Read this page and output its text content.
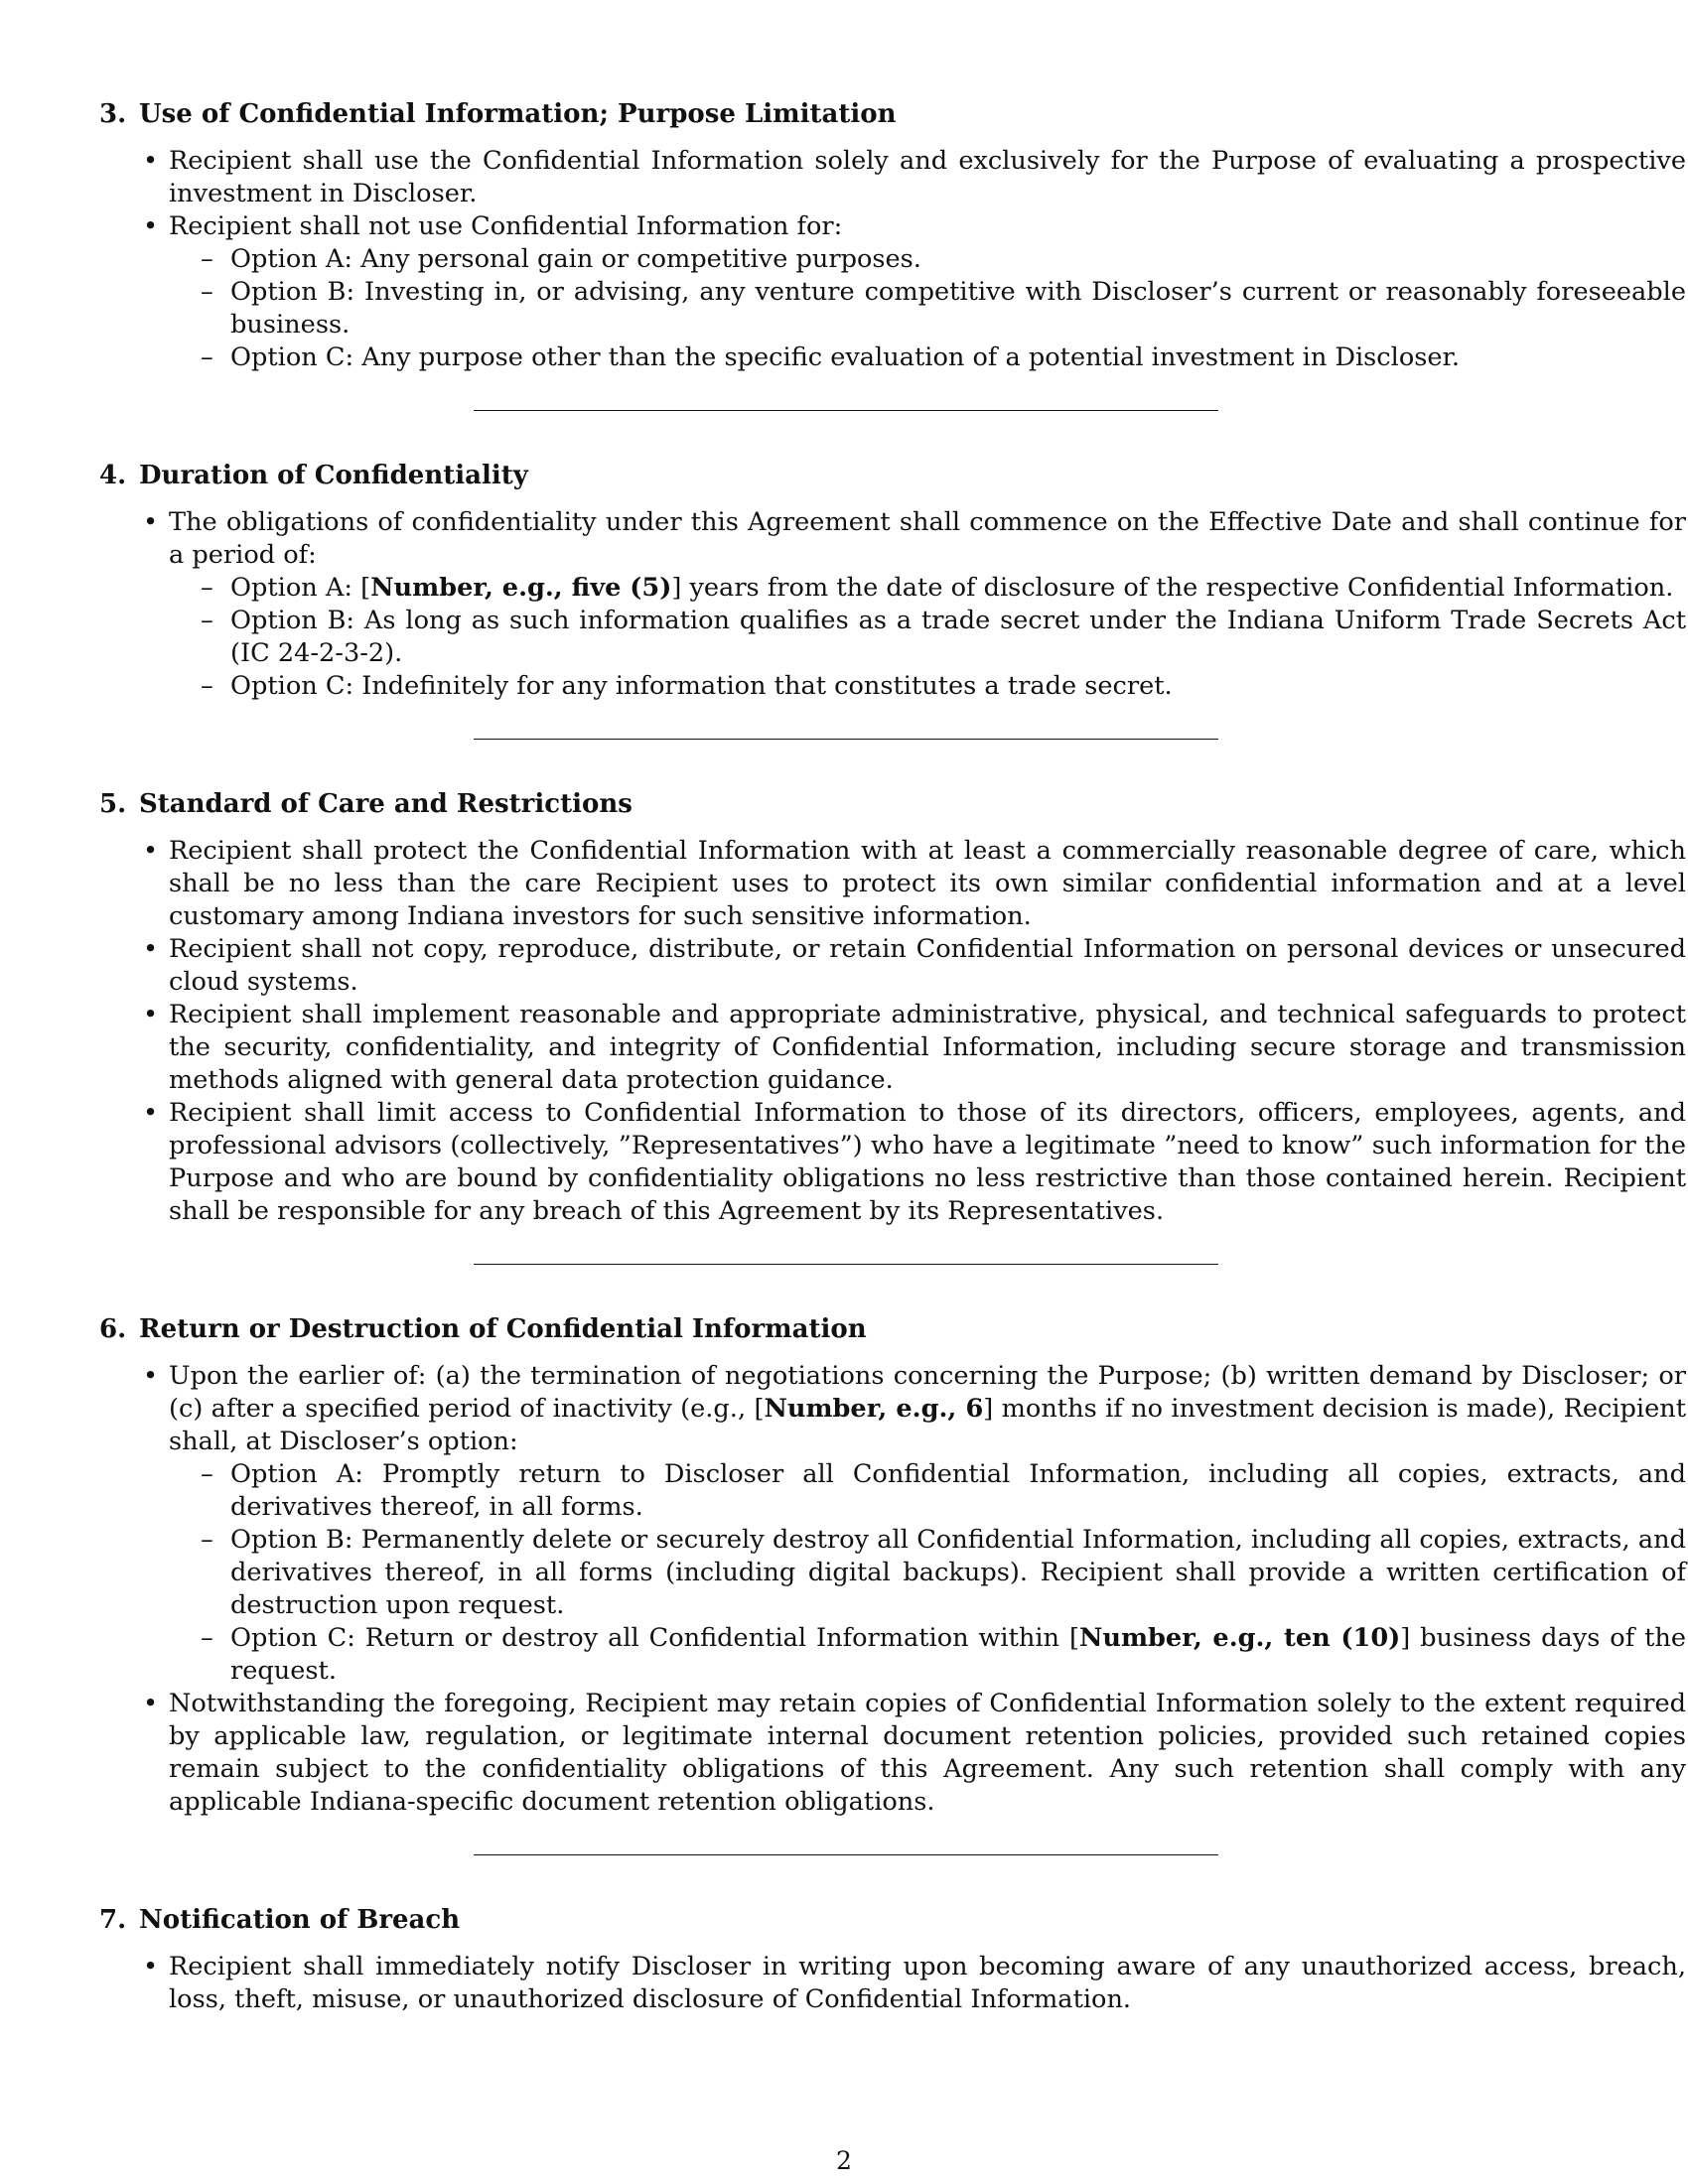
3. Use of Confidential Information; Purpose Limitation
• Recipient shall use the Confidential Information solely and exclusively for the Purpose of evaluating a prospective investment in Discloser.
• Recipient shall not use Confidential Information for:
– Option A: Any personal gain or competitive purposes.
– Option B: Investing in, or advising, any venture competitive with Discloser’s current or reasonably foreseeable business.
– Option C: Any purpose other than the specific evaluation of a potential investment in Discloser.
4. Duration of Confidentiality
• The obligations of confidentiality under this Agreement shall commence on the Effective Date and shall continue for a period of:
– Option A: [Number, e.g., five (5)] years from the date of disclosure of the respective Confidential Information.
– Option B: As long as such information qualifies as a trade secret under the Indiana Uniform Trade Secrets Act (IC 24-2-3-2).
– Option C: Indefinitely for any information that constitutes a trade secret.
5. Standard of Care and Restrictions
• Recipient shall protect the Confidential Information with at least a commercially reasonable degree of care, which shall be no less than the care Recipient uses to protect its own similar confidential information and at a level customary among Indiana investors for such sensitive information.
• Recipient shall not copy, reproduce, distribute, or retain Confidential Information on personal devices or unsecured cloud systems.
• Recipient shall implement reasonable and appropriate administrative, physical, and technical safeguards to protect the security, confidentiality, and integrity of Confidential Information, including secure storage and transmission methods aligned with general data protection guidance.
• Recipient shall limit access to Confidential Information to those of its directors, officers, employees, agents, and professional advisors (collectively, ”Representatives”) who have a legitimate ”need to know” such information for the Purpose and who are bound by confidentiality obligations no less restrictive than those contained herein. Recipient shall be responsible for any breach of this Agreement by its Representatives.
6. Return or Destruction of Confidential Information
• Upon the earlier of: (a) the termination of negotiations concerning the Purpose; (b) written demand by Discloser; or (c) after a specified period of inactivity (e.g., [Number, e.g., 6] months if no investment decision is made), Recipient shall, at Discloser’s option:
– Option A: Promptly return to Discloser all Confidential Information, including all copies, extracts, and derivatives thereof, in all forms.
– Option B: Permanently delete or securely destroy all Confidential Information, including all copies, extracts, and derivatives thereof, in all forms (including digital backups). Recipient shall provide a written certification of destruction upon request.
– Option C: Return or destroy all Confidential Information within [Number, e.g., ten (10)] business days of the request.
• Notwithstanding the foregoing, Recipient may retain copies of Confidential Information solely to the extent required by applicable law, regulation, or legitimate internal document retention policies, provided such retained copies remain subject to the confidentiality obligations of this Agreement. Any such retention shall comply with any applicable Indiana-specific document retention obligations.
7. Notification of Breach
• Recipient shall immediately notify Discloser in writing upon becoming aware of any unauthorized access, breach, loss, theft, misuse, or unauthorized disclosure of Confidential Information.
2
